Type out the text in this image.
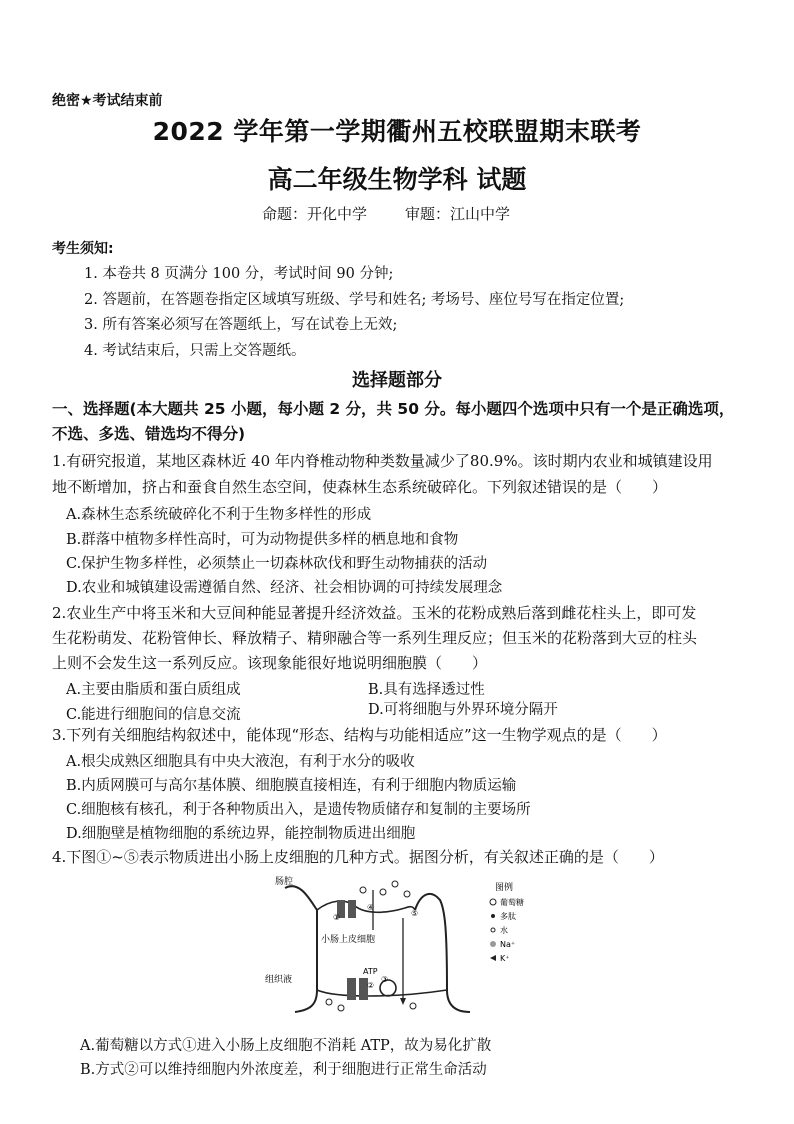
绝密★考试结束前
2022 学年第一学期衢州五校联盟期末联考
高二年级生物学科 试题
命题：开化中学	审题：江山中学
考生须知:
1. 本卷共 8 页满分 100 分，考试时间 90 分钟;
2. 答题前，在答题卷指定区域填写班级、学号和姓名; 考场号、座位号写在指定位置;
3. 所有答案必须写在答题纸上，写在试卷上无效;
4. 考试结束后，只需上交答题纸。
选择题部分
一、选择题(本大题共 25 小题，每小题 2 分，共 50 分。每小题四个选项中只有一个是正确选项，
不选、多选、错选均不得分)
1.有研究报道，某地区森林近 40 年内脊椎动物种类数量减少了80.9%。该时期内农业和城镇建设用
地不断增加，挤占和蚕食自然生态空间，使森林生态系统破碎化。下列叙述错误的是（　　）
A.森林生态系统破碎化不利于生物多样性的形成
B.群落中植物多样性高时，可为动物提供多样的栖息地和食物
C.保护生物多样性，必须禁止一切森林砍伐和野生动物捕获的活动
D.农业和城镇建设需遵循自然、经济、社会相协调的可持续发展理念
2.农业生产中将玉米和大豆间种能显著提升经济效益。玉米的花粉成熟后落到雌花柱头上，即可发
生花粉萌发、花粉管伸长、释放精子、精卵融合等一系列生理反应；但玉米的花粉落到大豆的柱头
上则不会发生这一系列反应。该现象能很好地说明细胞膜（　　）
A.主要由脂质和蛋白质组成	B.具有选择透过性
C.能进行细胞间的信息交流	D.可将细胞与外界环境分隔开
3.下列有关细胞结构叙述中，能体现“形态、结构与功能相适应”这一生物学观点的是（　　）
A.根尖成熟区细胞具有中央大液泡，有利于水分的吸收
B.内质网膜可与高尔基体膜、细胞膜直接相连，有利于细胞内物质运输
C.细胞核有核孔，利于各种物质出入，是遗传物质储存和复制的主要场所
D.细胞壁是植物细胞的系统边界，能控制物质进出细胞
4.下图①~⑤表示物质进出小肠上皮细胞的几种方式。据图分析，有关叙述正确的是（　　）
肠腔
小肠上皮细胞
组织液
ATP
①
②
③
④
⑤
图例
葡萄糖
多肽
水
Na⁺
K⁺
A.葡萄糖以方式①进入小肠上皮细胞不消耗 ATP，故为易化扩散
B.方式②可以维持细胞内外浓度差，利于细胞进行正常生命活动
